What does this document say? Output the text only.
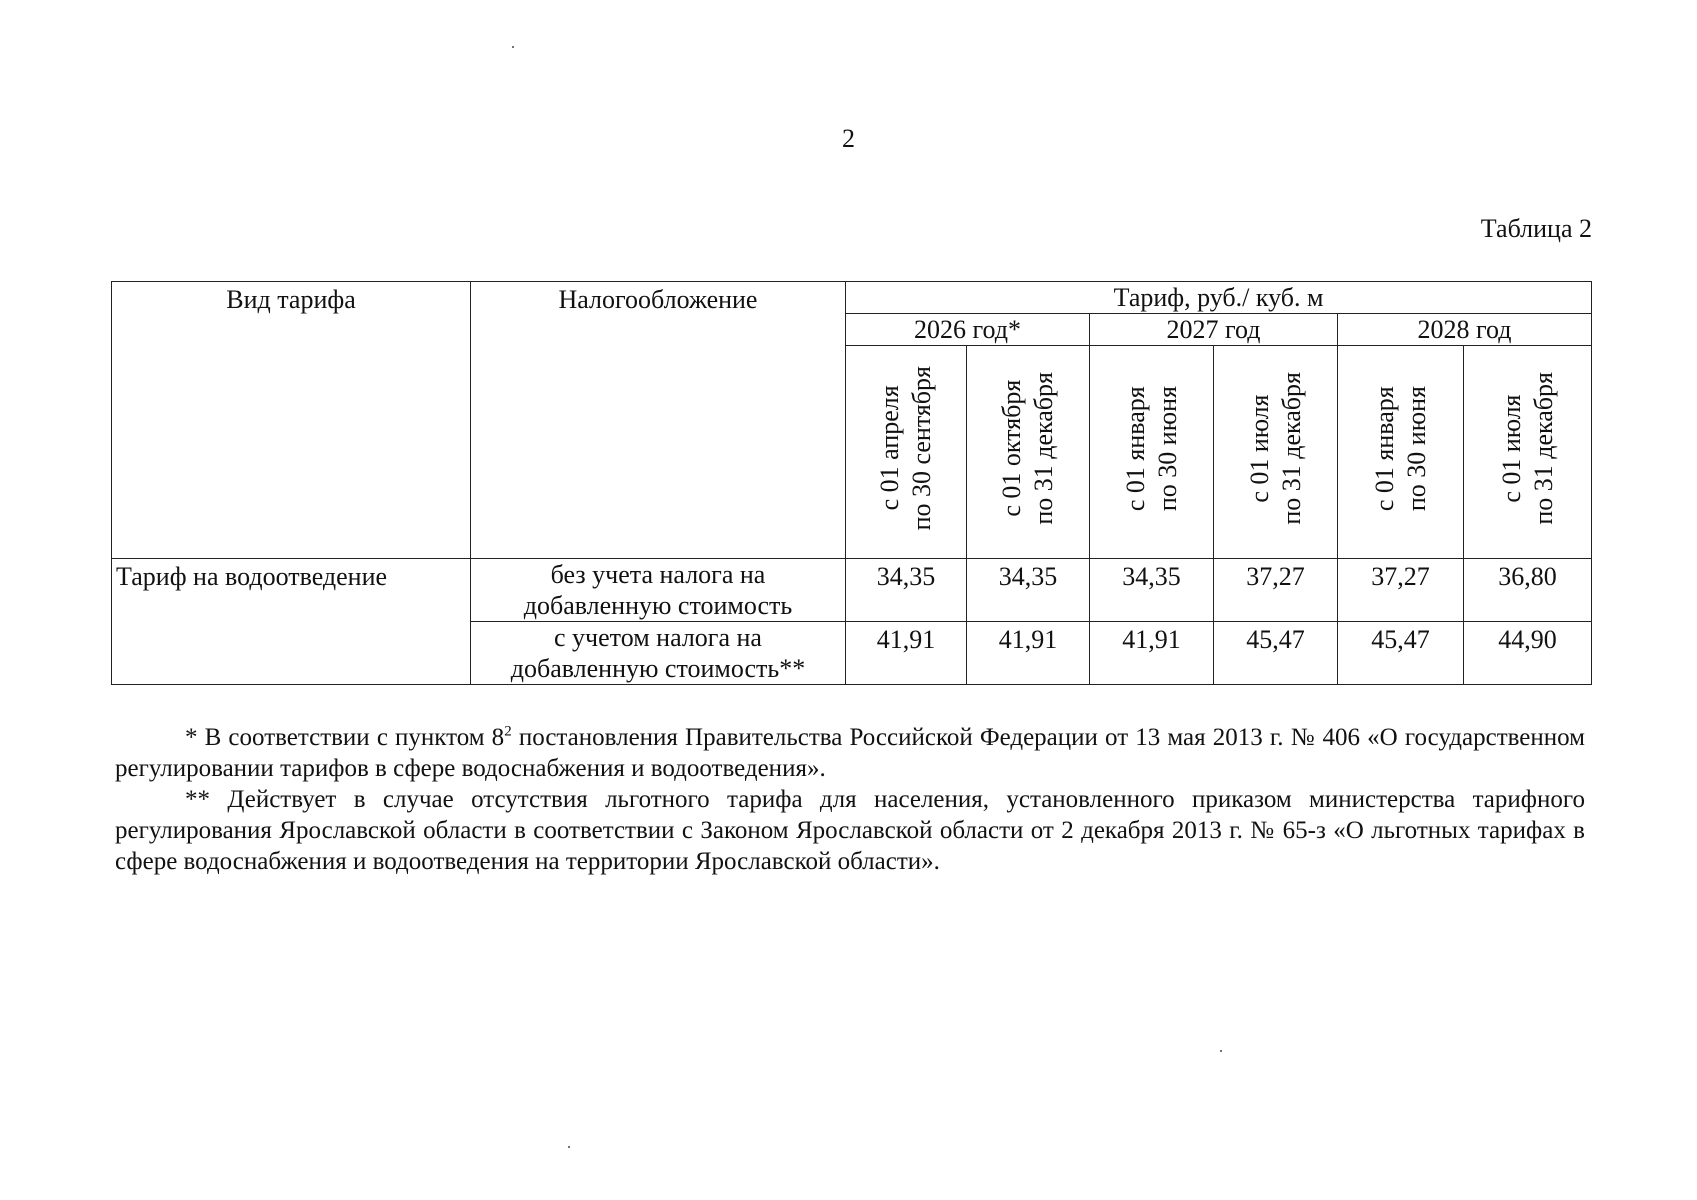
2
Таблица 2
Вид тарифа	Налогообложение	Тариф, руб./ куб. м					
		2026 год*		2027 год		2028 год	

		с 01 апреля по 30 сентября	с 01 октября по 31 декабря	с 01 января по 30 июня	с 01 июля по 31 декабря	с 01 января по 30 июня	с 01 июля по 31 декабря

Тариф на водоотведение	без учета налога на
добавленную стоимость	34,35	34,35	34,35	37,27	37,27	36,80

	с учетом налога на
добавленную стоимость**	41,91	41,91	41,91	45,47	45,47	44,90

* В соответствии с пунктом $8^2$ постановления Правительства Российской Федерации от 13 мая 2013 г. № 406 «О государственном регулировании тарифов в сфере водоснабжения и водоотведения».

** Действует в случае отсутствия льготного тарифа для населения, установленного приказом министерства тарифного регулирования Ярославской области в соответствии с Законом Ярославской области от 2 декабря 2013 г. № 65-з «О льготных тарифах в сфере водоснабжения и водоотведения на территории Ярославской области».
